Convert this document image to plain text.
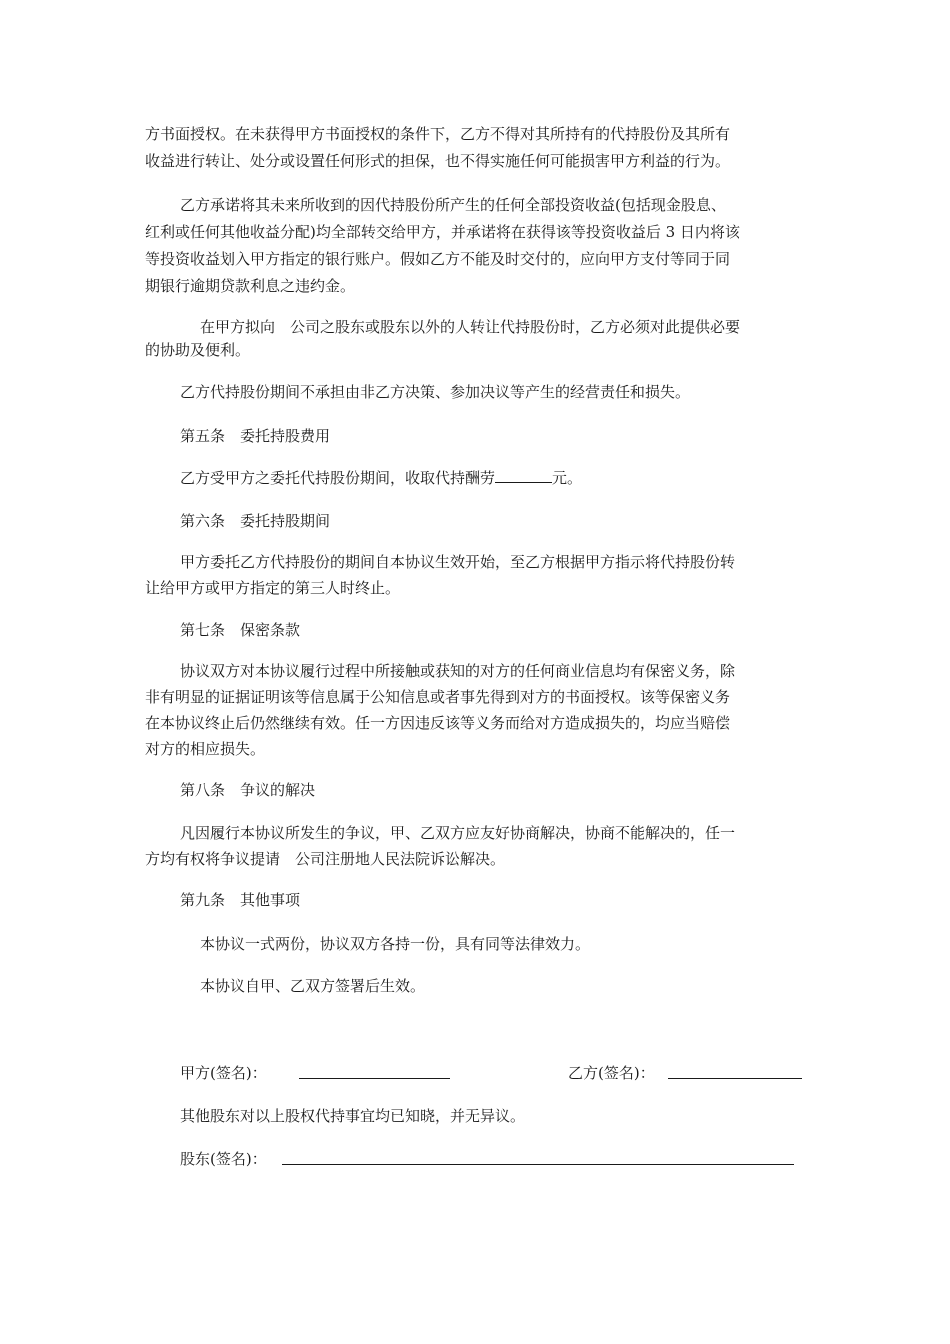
方书面授权。在未获得甲方书面授权的条件下，乙方不得对其所持有的代持股份及其所有
收益进行转让、处分或设置任何形式的担保，也不得实施任何可能损害甲方利益的行为。
乙方承诺将其未来所收到的因代持股份所产生的任何全部投资收益(包括现金股息、
红利或任何其他收益分配)均全部转交给甲方，并承诺将在获得该等投资收益后 3 日内将该
等投资收益划入甲方指定的银行账户。假如乙方不能及时交付的，应向甲方支付等同于同
期银行逾期贷款利息之违约金。
在甲方拟向　公司之股东或股东以外的人转让代持股份时，乙方必须对此提供必要
的协助及便利。
乙方代持股份期间不承担由非乙方决策、参加决议等产生的经营责任和损失。
第五条　委托持股费用
乙方受甲方之委托代持股份期间，收取代持酬劳	元。
第六条　委托持股期间
甲方委托乙方代持股份的期间自本协议生效开始，至乙方根据甲方指示将代持股份转
让给甲方或甲方指定的第三人时终止。
第七条　保密条款
协议双方对本协议履行过程中所接触或获知的对方的任何商业信息均有保密义务，除
非有明显的证据证明该等信息属于公知信息或者事先得到对方的书面授权。该等保密义务
在本协议终止后仍然继续有效。任一方因违反该等义务而给对方造成损失的，均应当赔偿
对方的相应损失。
第八条　争议的解决
凡因履行本协议所发生的争议，甲、乙双方应友好协商解决，协商不能解决的，任一
方均有权将争议提请　公司注册地人民法院诉讼解决。
第九条　其他事项
本协议一式两份，协议双方各持一份，具有同等法律效力。
本协议自甲、乙双方签署后生效。
甲方(签名)：	乙方(签名)：
其他股东对以上股权代持事宜均已知晓，并无异议。
股东(签名)：
